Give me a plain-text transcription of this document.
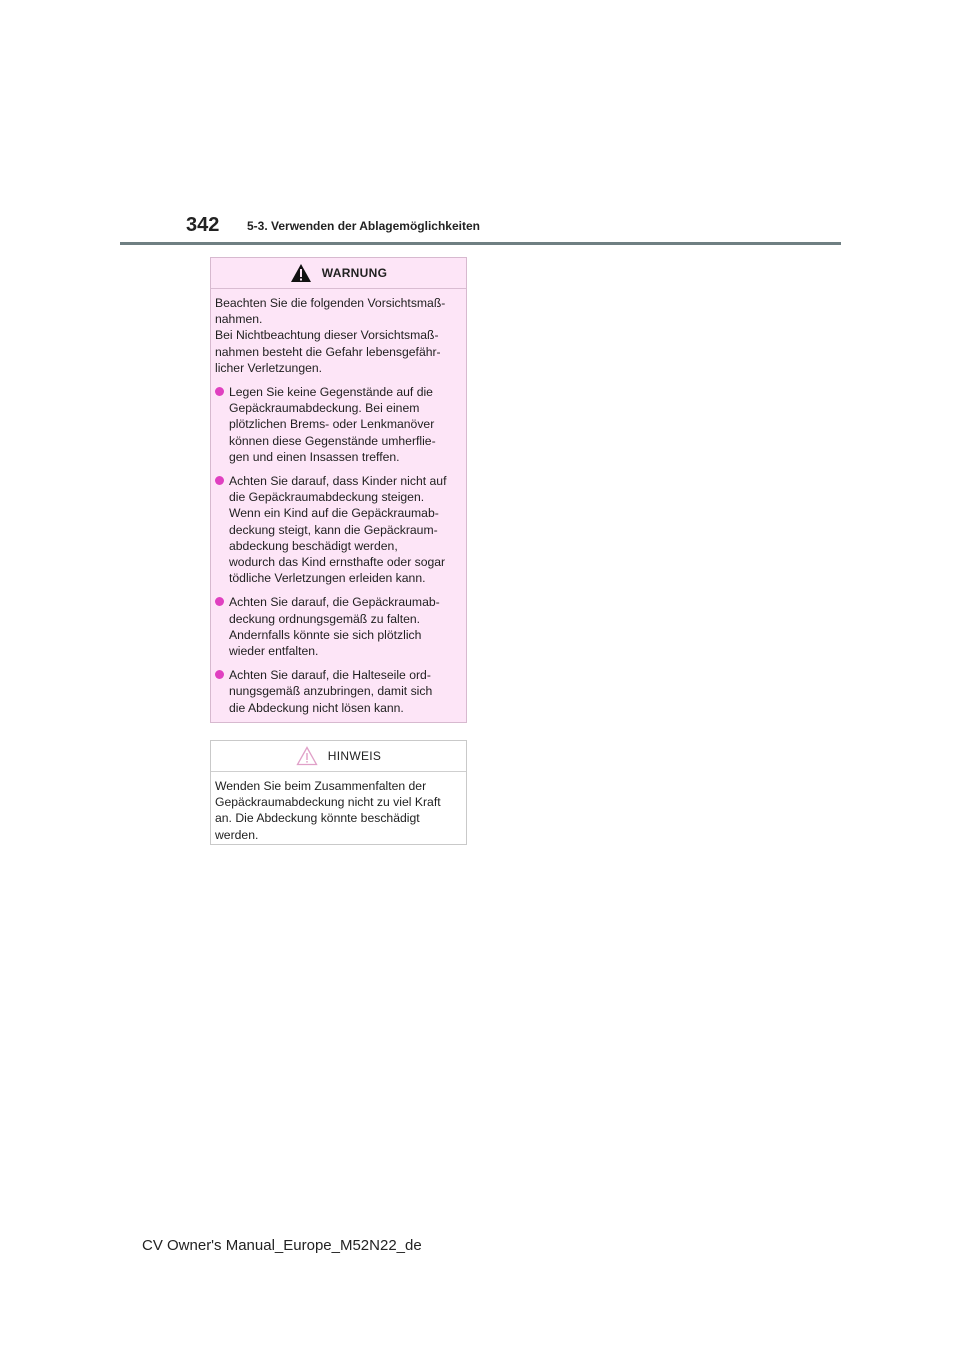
342 5-3. Verwenden der Ablagemöglichkeiten
WARNUNG
Beachten Sie die folgenden Vorsichtsmaß-
nahmen.
Bei Nichtbeachtung dieser Vorsichtsmaß-
nahmen besteht die Gefahr lebensgefähr-
licher Verletzungen.
Legen Sie keine Gegenstände auf die
Gepäckraumabdeckung. Bei einem
plötzlichen Brems- oder Lenkmanöver
können diese Gegenstände umherflie-
gen und einen Insassen treffen.
Achten Sie darauf, dass Kinder nicht auf
die Gepäckraumabdeckung steigen.
Wenn ein Kind auf die Gepäckraumab-
deckung steigt, kann die Gepäckraum-
abdeckung beschädigt werden,
wodurch das Kind ernsthafte oder sogar
tödliche Verletzungen erleiden kann.
Achten Sie darauf, die Gepäckraumab-
deckung ordnungsgemäß zu falten.
Andernfalls könnte sie sich plötzlich
wieder entfalten.
Achten Sie darauf, die Halteseile ord-
nungsgemäß anzubringen, damit sich
die Abdeckung nicht lösen kann.
HINWEIS
Wenden Sie beim Zusammenfalten der
Gepäckraumabdeckung nicht zu viel Kraft
an. Die Abdeckung könnte beschädigt
werden.
CV Owner's Manual_Europe_M52N22_de
